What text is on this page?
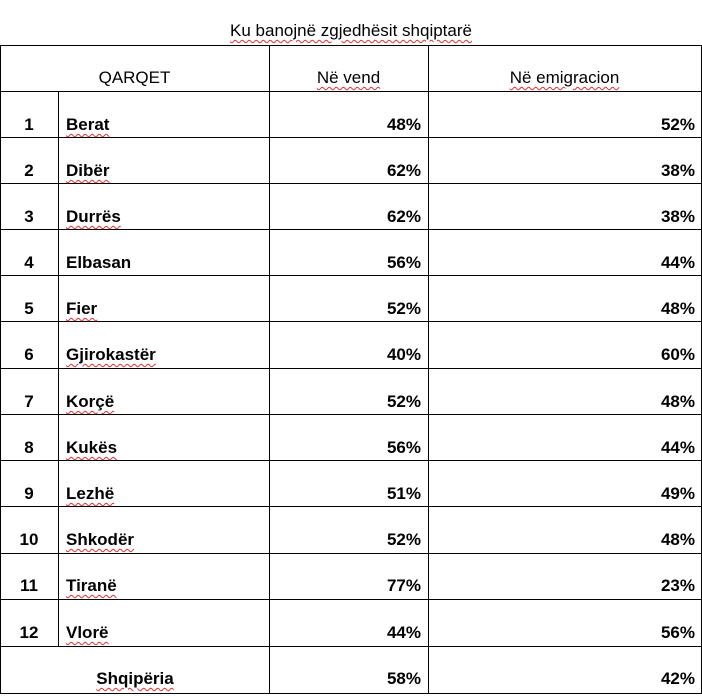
Ku banojnë zgjedhësit shqiptarë
QARQET	Në vend	Në emigracion
1	Berat	48%	52%
2	Dibër	62%	38%
3	Durrës	62%	38%
4	Elbasan	56%	44%
5	Fier	52%	48%
6	Gjirokastër	40%	60%
7	Korçë	52%	48%
8	Kukës	56%	44%
9	Lezhë	51%	49%
10	Shkodër	52%	48%
11	Tiranë	77%	23%
12	Vlorë	44%	56%
Shqipëria	58%	42%
